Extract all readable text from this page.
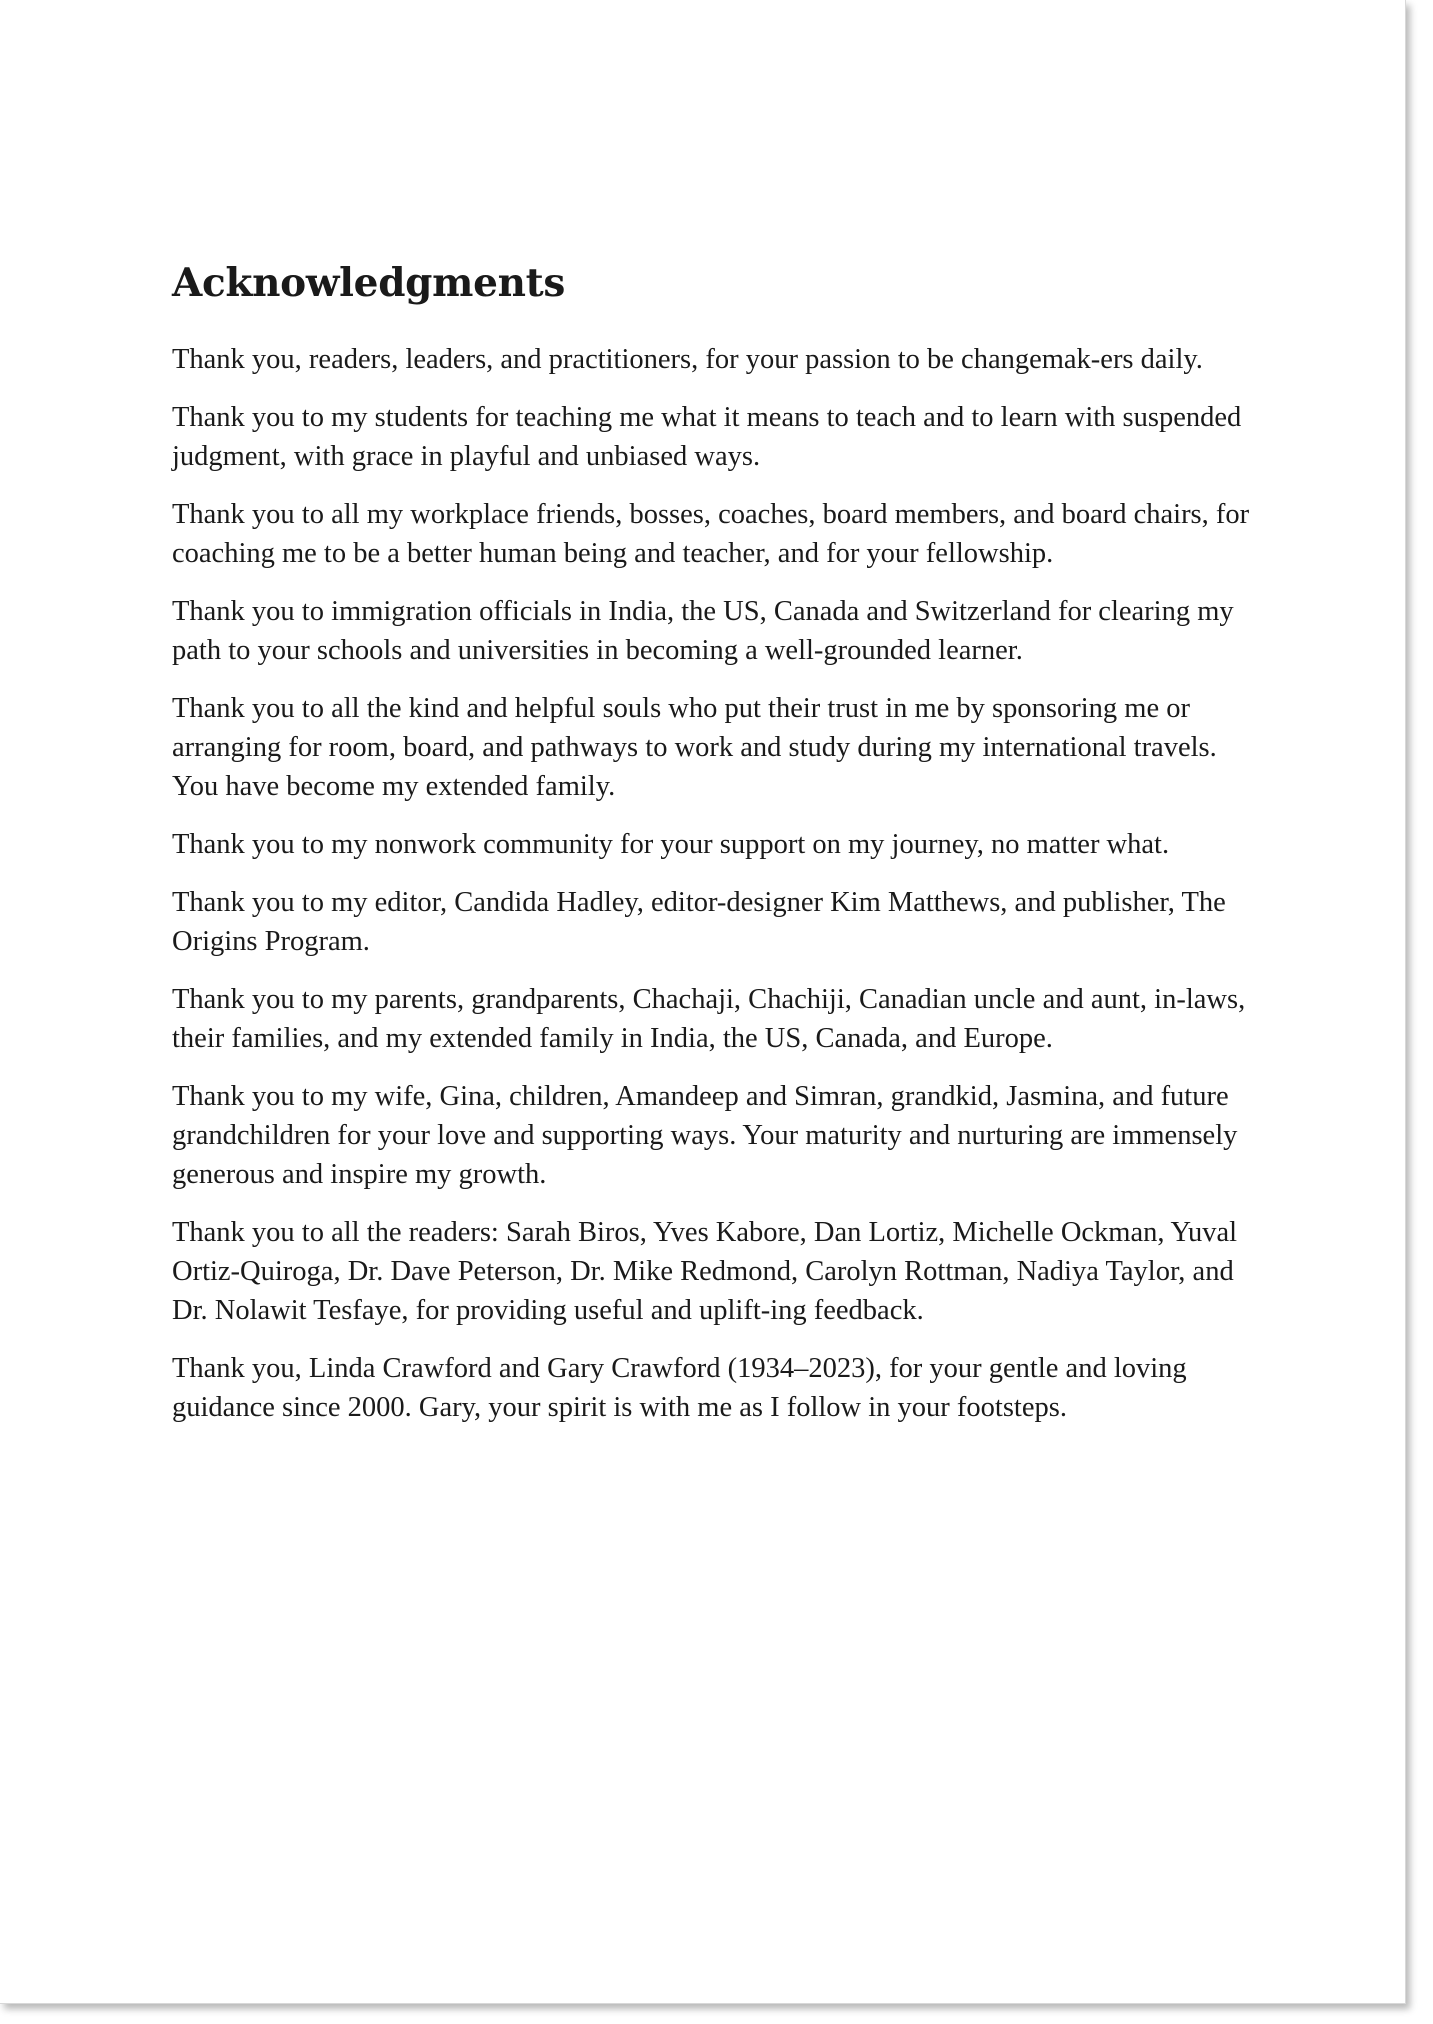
Acknowledgments

Thank you, readers, leaders, and practitioners, for your passion to be changemak-ers daily.

Thank you to my students for teaching me what it means to teach and to learn with suspended judgment, with grace in playful and unbiased ways.

Thank you to all my workplace friends, bosses, coaches, board members, and board chairs, for coaching me to be a better human being and teacher, and for your fellowship.

Thank you to immigration officials in India, the US, Canada and Switzerland for clearing my path to your schools and universities in becoming a well-grounded learner.

Thank you to all the kind and helpful souls who put their trust in me by sponsoring me or arranging for room, board, and pathways to work and study during my international travels. You have become my extended family.

Thank you to my nonwork community for your support on my journey, no matter what.

Thank you to my editor, Candida Hadley, editor-designer Kim Matthews, and publisher, The Origins Program.

Thank you to my parents, grandparents, Chachaji, Chachiji, Canadian uncle and aunt, in-laws, their families, and my extended family in India, the US, Canada, and Europe.

Thank you to my wife, Gina, children, Amandeep and Simran, grandkid, Jasmina, and future grandchildren for your love and supporting ways. Your maturity and nurturing are immensely generous and inspire my growth.

Thank you to all the readers: Sarah Biros, Yves Kabore, Dan Lortiz, Michelle Ockman, Yuval Ortiz-Quiroga, Dr. Dave Peterson, Dr. Mike Redmond, Carolyn Rottman, Nadiya Taylor, and Dr. Nolawit Tesfaye, for providing useful and uplift-ing feedback.

Thank you, Linda Crawford and Gary Crawford (1934–2023), for your gentle and loving guidance since 2000. Gary, your spirit is with me as I follow in your footsteps.
